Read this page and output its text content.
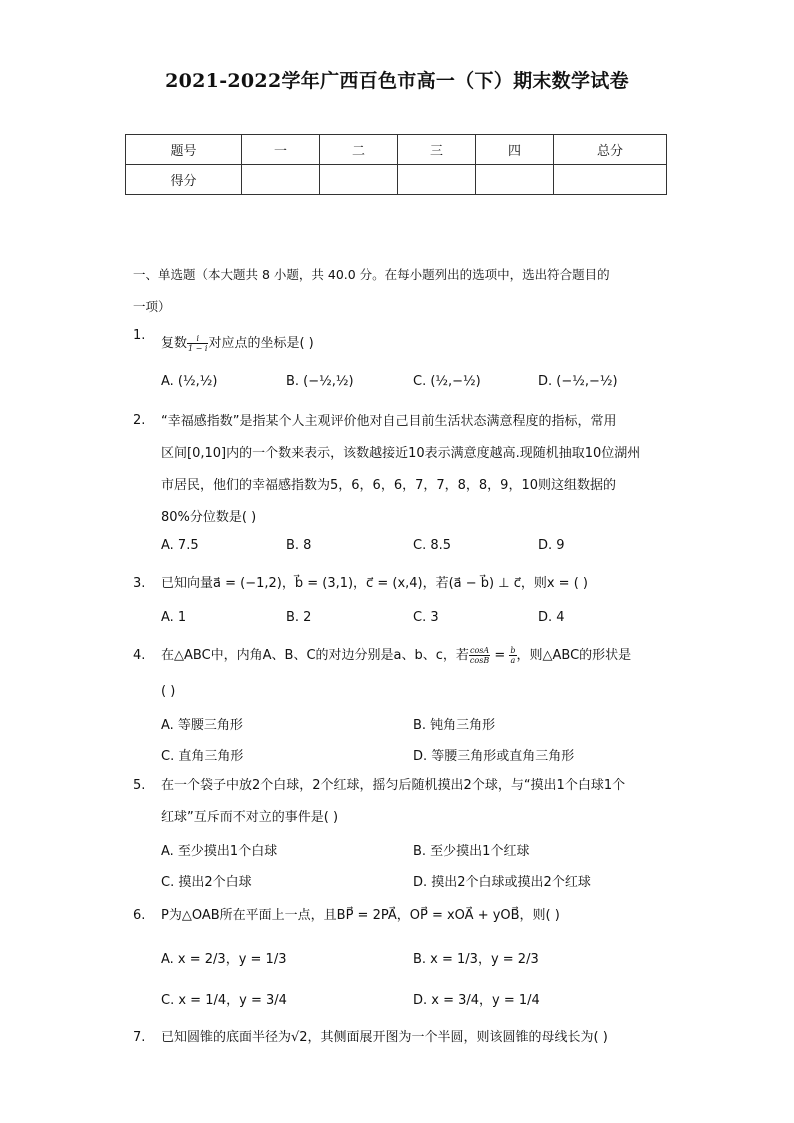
2021-2022学年广西百色市高一（下）期末数学试卷
题号	一	二	三	四	总分
得分					
一、单选题（本大题共 8 小题，共 40.0 分。在每小题列出的选项中，选出符合题目的
一项）
1.
复数 $\frac{i}{1 - i}$ 对应点的坐标是( )
A. (½,½)	B. (−½,½)	C. (½,−½)	D. (−½,−½)
2.	“幸福感指数”是指某个人主观评价他对自己目前生活状态满意程度的指标，常用
区间[0,10]内的一个数来表示，该数越接近10表示满意度越高.现随机抽取10位湖州
市居民，他们的幸福感指数为5，6，6，6，7，7，8，8，9，10则这组数据的
80%分位数是( )
A. 7.5	B. 8	C. 8.5	D. 9
3.	已知向量a⃗ = (−1,2)，b⃗ = (3,1)，c⃗ = (x,4)，若(a⃗ − b⃗) ⊥ c⃗，则x = ( )
A. 1	B. 2	C. 3	D. 4
4.	在△ABC中，内角A、B、C的对边分别是a、b、c，若 $\frac{\cos A}{\cos B} = \frac{b}{a}$ ，则△ABC的形状是
( )
A. 等腰三角形	B. 钝角三角形
C. 直角三角形	D. 等腰三角形或直角三角形
5.	在一个袋子中放2个白球，2个红球，摇匀后随机摸出2个球，与“摸出1个白球1个
红球”互斥而不对立的事件是( )
A. 至少摸出1个白球	B. 至少摸出1个红球
C. 摸出2个白球	D. 摸出2个白球或摸出2个红球
6.	P为△OAB所在平面上一点，且BP⃗ = 2PA⃗，OP⃗ = xOA⃗ + yOB⃗，则( )
A. x = 2/3，y = 1/3	B. x = 1/3，y = 2/3
C. x = 1/4，y = 3/4	D. x = 3/4，y = 1/4
7.	已知圆锥的底面半径为√2，其侧面展开图为一个半圆，则该圆锥的母线长为( )
